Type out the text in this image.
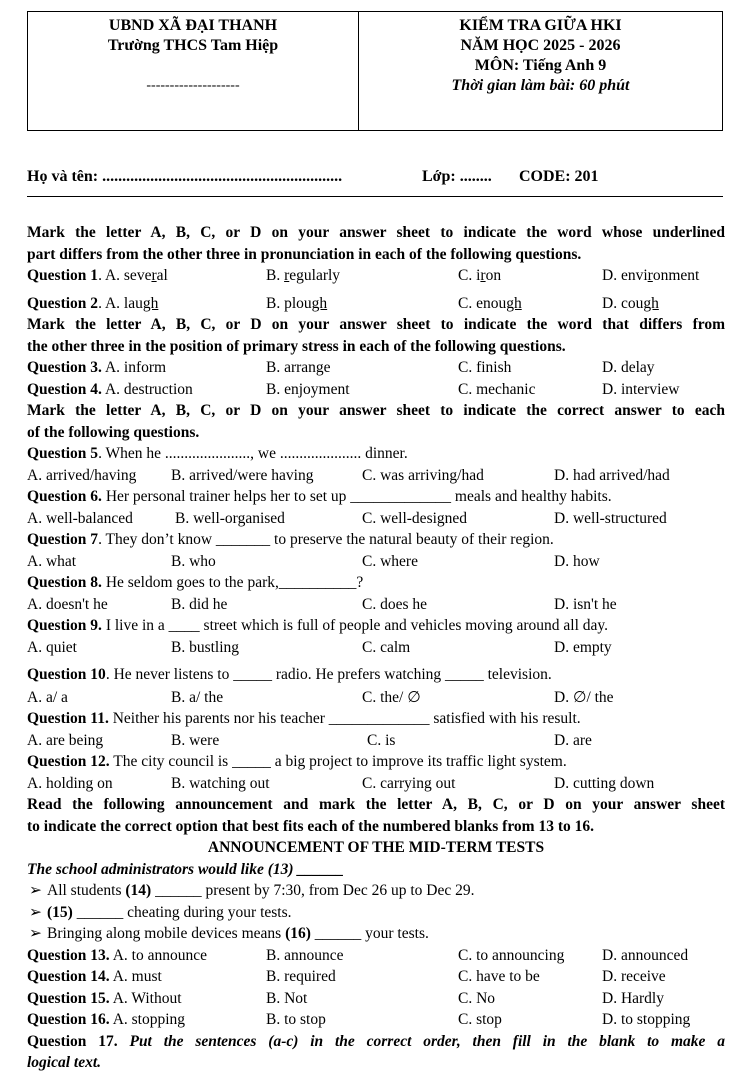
UBND XÃ ĐẠI THANH
Trường THCS Tam Hiệp
--------------------
KIỂM TRA GIỮA HKI
NĂM HỌC 2025 - 2026
MÔN: Tiếng Anh 9
Thời gian làm bài: 60 phút
Họ và tên: ............................................................	Lớp: ........ CODE: 201
Mark the letter A, B, C, or D on your answer sheet to indicate the word whose underlined
part differs from the other three in pronunciation in each of the following questions.
Question 1. A. several	B. regularly	C. iron	D. environment
Question 2. A. laugh	B. plough	C. enough	D. cough
Mark the letter A, B, C, or D on your answer sheet to indicate the word that differs from
the other three in the position of primary stress in each of the following questions.
Question 3. A. inform	B. arrange	C. finish	D. delay
Question 4. A. destruction	B. enjoyment	C. mechanic	D. interview
Mark the letter A, B, C, or D on your answer sheet to indicate the correct answer to each
of the following questions.
Question 5. When he ......................, we ..................... dinner.
A. arrived/having B. arrived/were having	C. was arriving/had	D. had arrived/had
Question 6. Her personal trainer helps her to set up _____________ meals and healthy habits.
A. well-balanced	B. well-organised	C. well-designed	D. well-structured
Question 7. They don’t know _______ to preserve the natural beauty of their region.
A. what	B. who	C. where	D. how
Question 8. He seldom goes to the park,__________?
A. doesn't he	B. did he	C. does he	D. isn't he
Question 9. I live in a ____ street which is full of people and vehicles moving around all day.
A. quiet	B. bustling	C. calm	D. empty
Question 10. He never listens to _____ radio. He prefers watching _____ television.
A. a/ a	B. a/ the	C. the/ ∅	D. ∅/ the
Question 11. Neither his parents nor his teacher _____________ satisfied with his result.
A. are being	B. were	C. is	D. are
Question 12. The city council is _____ a big project to improve its traffic light system.
A. holding on	B. watching out	C. carrying out	D. cutting down
Read the following announcement and mark the letter A, B, C, or D on your answer sheet
to indicate the correct option that best fits each of the numbered blanks from 13 to 16.
ANNOUNCEMENT OF THE MID-TERM TESTS
The school administrators would like (13) ______
➢ All students (14) ______ present by 7:30, from Dec 26 up to Dec 29.
➢ (15) ______ cheating during your tests.
➢ Bringing along mobile devices means (16) ______ your tests.
Question 13. A. to announce	B. announce	C. to announcing D. announced
Question 14. A. must	B. required	C. have to be	D. receive
Question 15. A. Without	B. Not	C. No	D. Hardly
Question 16. A. stopping	B. to stop	C. stop	D. to stopping
Question 17. Put the sentences (a-c) in the correct order, then fill in the blank to make a
logical text.
